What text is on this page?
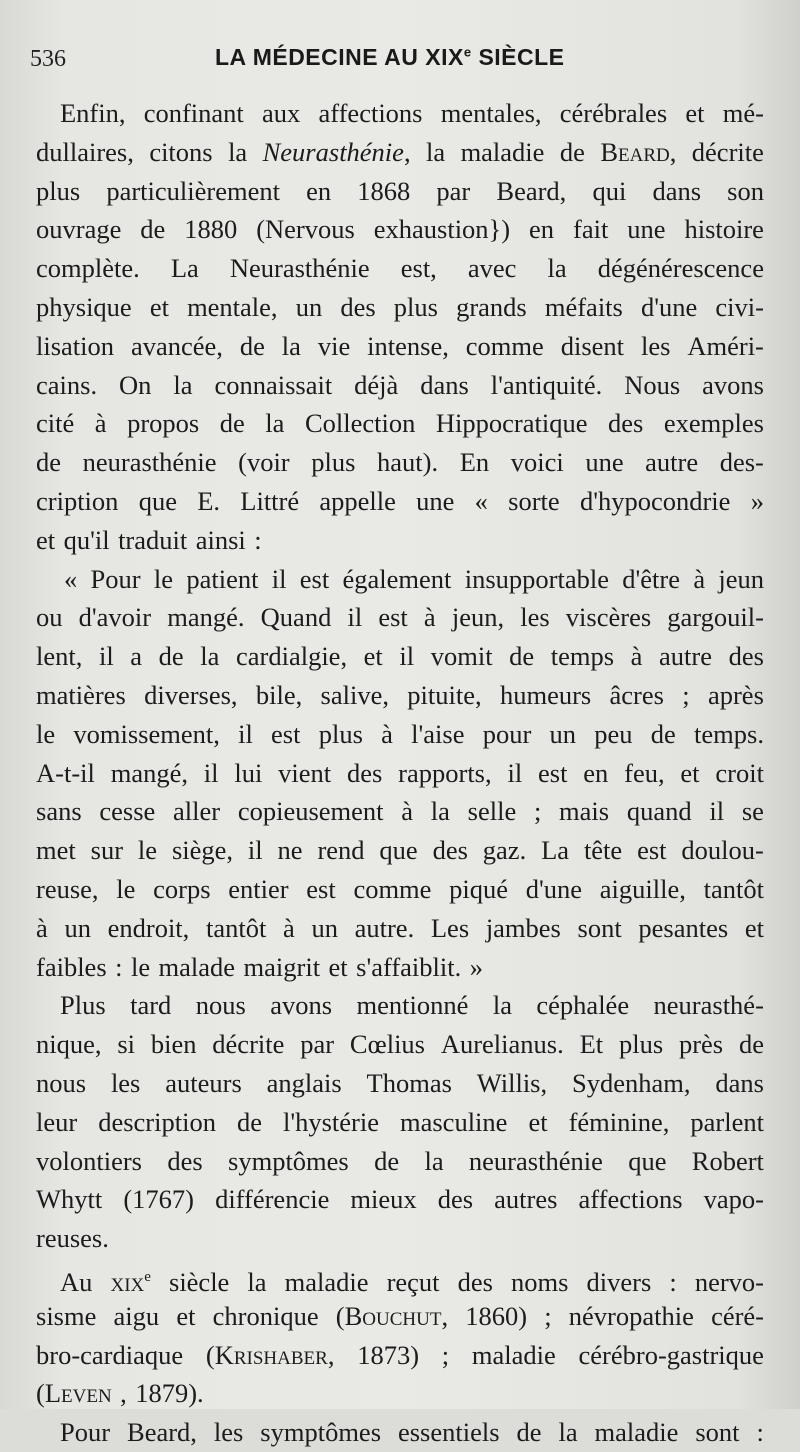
536	LA MÉDECINE AU XIXe SIÈCLE
Enfin, confinant aux affections mentales, cérébrales et mé-
dullaires, citons la Neurasthénie, la maladie de Beard, décrite
plus particulièrement en 1868 par Beard, qui dans son
ouvrage de 1880 (Nervous exhaustion}) en fait une histoire
complète. La Neurasthénie est, avec la dégénérescence
physique et mentale, un des plus grands méfaits d'une civi-
lisation avancée, de la vie intense, comme disent les Améri-
cains. On la connaissait déjà dans l'antiquité. Nous avons
cité à propos de la Collection Hippocratique des exemples
de neurasthénie (voir plus haut). En voici une autre des-
cription que E. Littré appelle une « sorte d'hypocondrie »
et qu'il traduit ainsi :
« Pour le patient il est également insupportable d'être à jeun
ou d'avoir mangé. Quand il est à jeun, les viscères gargouil-
lent, il a de la cardialgie, et il vomit de temps à autre des
matières diverses, bile, salive, pituite, humeurs âcres ; après
le vomissement, il est plus à l'aise pour un peu de temps.
A-t-il mangé, il lui vient des rapports, il est en feu, et croit
sans cesse aller copieusement à la selle ; mais quand il se
met sur le siège, il ne rend que des gaz. La tête est doulou-
reuse, le corps entier est comme piqué d'une aiguille, tantôt
à un endroit, tantôt à un autre. Les jambes sont pesantes et
faibles : le malade maigrit et s'affaiblit. »
Plus tard nous avons mentionné la céphalée neurasthé-
nique, si bien décrite par Cœlius Aurelianus. Et plus près de
nous les auteurs anglais Thomas Willis, Sydenham, dans
leur description de l'hystérie masculine et féminine, parlent
volontiers des symptômes de la neurasthénie que Robert
Whytt (1767) différencie mieux des autres affections vapo-
reuses.
Au xix$^e$ siècle la maladie reçut des noms divers : nervo-
sisme aigu et chronique (Bouchut, 1860) ; névropathie céré-
bro-cardiaque (Krishaber, 1873) ; maladie cérébro-gastrique
(Leven , 1879).
Pour Beard, les symptômes essentiels de la maladie sont :
